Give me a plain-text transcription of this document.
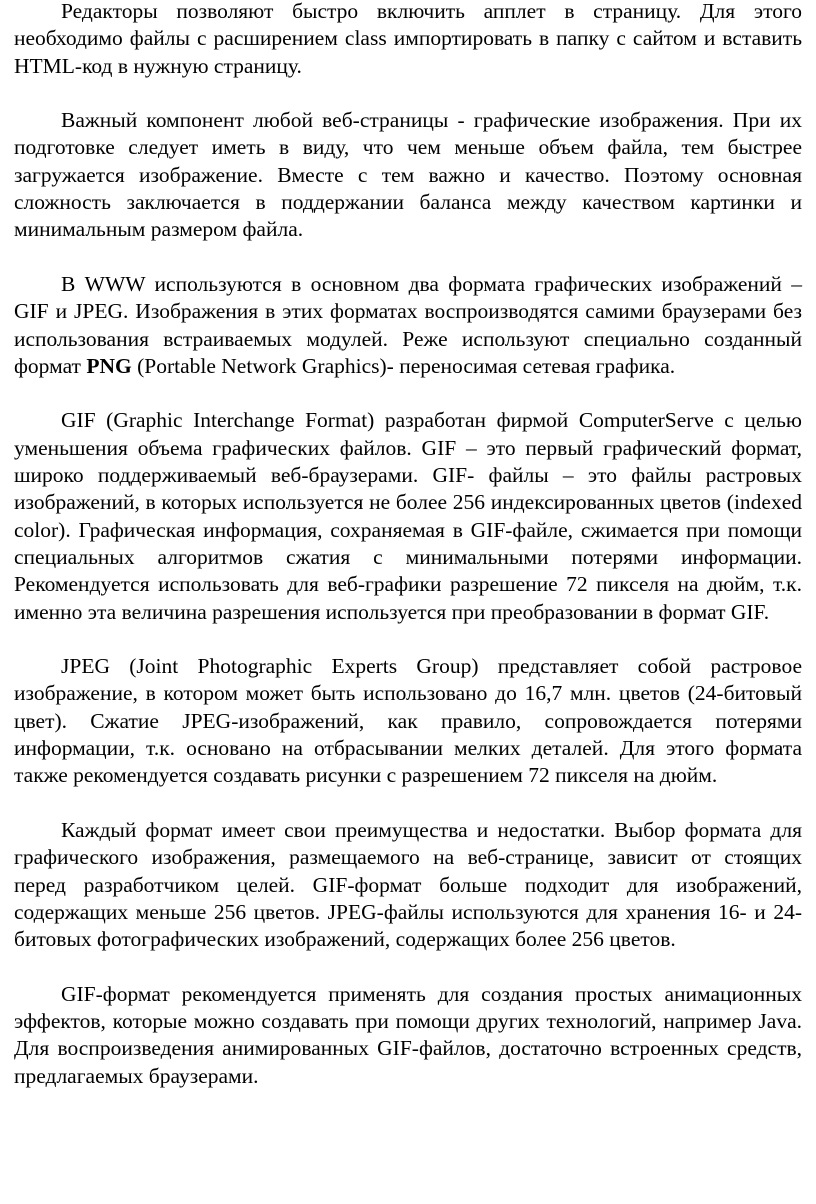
Редакторы позволяют быстро включить апплет в страницу. Для этого необходимо файлы с расширением class импортировать в папку с сайтом и вставить HTML-код в нужную страницу.

Важный компонент любой веб-страницы - графические изображения. При их подготовке следует иметь в виду, что чем меньше объем файла, тем быстрее загружается изображение. Вместе с тем важно и качество. Поэтому основная сложность заключается в поддержании баланса между качеством картинки и минимальным размером файла.

В WWW используются в основном два формата графических изображений – GIF и JPEG. Изображения в этих форматах воспроизводятся самими браузерами без использования встраиваемых модулей. Реже используют специально созданный формат PNG (Portable Network Graphics)- переносимая сетевая графика.

GIF (Graphic Interchange Format) разработан фирмой ComputerServe с целью уменьшения объема графических файлов. GIF – это первый графический формат, широко поддерживаемый веб-браузерами. GIF- файлы – это файлы растровых изображений, в которых используется не более 256 индексированных цветов (indexed color). Графическая информация, сохраняемая в GIF-файле, сжимается при помощи специальных алгоритмов сжатия с минимальными потерями информации. Рекомендуется использовать для веб-графики разрешение 72 пикселя на дюйм, т.к. именно эта величина разрешения используется при преобразовании в формат GIF.

JPEG (Joint Photographic Experts Group) представляет собой растровое изображение, в котором может быть использовано до 16,7 млн. цветов (24-битовый цвет). Сжатие JPEG-изображений, как правило, сопровождается потерями информации, т.к. основано на отбрасывании мелких деталей. Для этого формата также рекомендуется создавать рисунки с разрешением 72 пикселя на дюйм.

Каждый формат имеет свои преимущества и недостатки. Выбор формата для графического изображения, размещаемого на веб-странице, зависит от стоящих перед разработчиком целей. GIF-формат больше подходит для изображений, содержащих меньше 256 цветов. JPEG-файлы используются для хранения 16- и 24-битовых фотографических изображений, содержащих более 256 цветов.

GIF-формат рекомендуется применять для создания простых анимационных эффектов, которые можно создавать при помощи других технологий, например Java. Для воспроизведения анимированных GIF-файлов, достаточно встроенных средств, предлагаемых браузерами.
